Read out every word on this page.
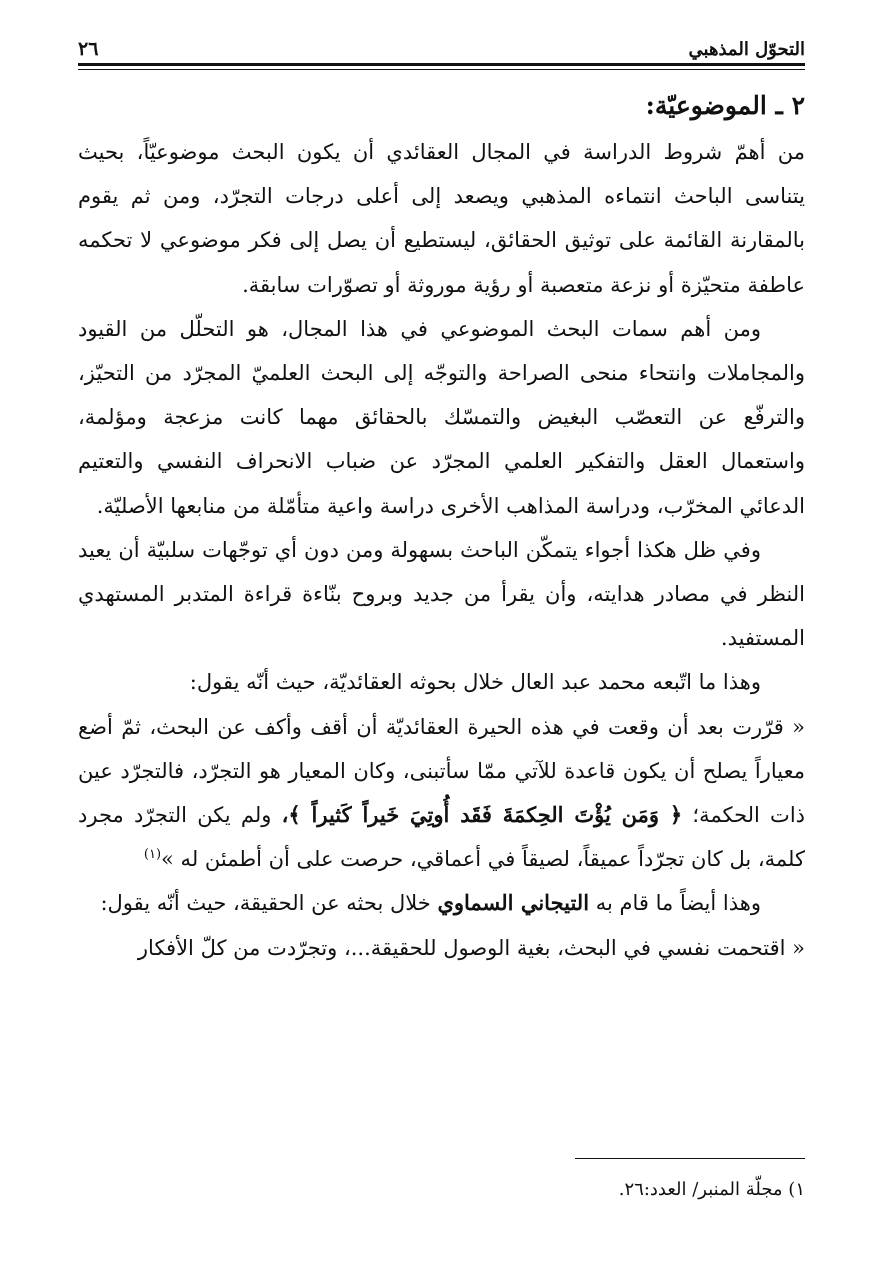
التحوّل المذهبي
٢٦
٢ ـ الموضوعيّة:

من أهمّ شروط الدراسة في المجال العقائدي أن يكون البحث موضوعيّاً، بحيث يتناسى الباحث انتماءه المذهبي ويصعد إلى أعلى درجات التجرّد، ومن ثم يقوم بالمقارنة القائمة على توثيق الحقائق، ليستطيع أن يصل إلى فكر موضوعي لا تحكمه عاطفة متحيّزة أو نزعة متعصبة أو رؤية موروثة أو تصوّرات سابقة.

ومن أهم سمات البحث الموضوعي في هذا المجال، هو التحلّل من القيود والمجاملات وانتحاء منحى الصراحة والتوجّه إلى البحث العلميّ المجرّد من التحيّز، والترفّع عن التعصّب البغيض والتمسّك بالحقائق مهما كانت مزعجة ومؤلمة، واستعمال العقل والتفكير العلمي المجرّد عن ضباب الانحراف النفسي والتعتيم الدعائي المخرّب، ودراسة المذاهب الأخرى دراسة واعية متأمّلة من منابعها الأصليّة.

وفي ظل هكذا أجواء يتمكّن الباحث بسهولة ومن دون أي توجّهات سلبيّة أن يعيد النظر في مصادر هدايته، وأن يقرأ من جديد وبروح بنّاءة قراءة المتدبر المستهدي المستفيد.

وهذا ما اتّبعه محمد عبد العال خلال بحوثه العقائديّة، حيث أنّه يقول:

« قرّرت بعد أن وقعت في هذه الحيرة العقائديّة أن أقف وأكف عن البحث، ثمّ أضع معياراً يصلح أن يكون قاعدة للآتي ممّا سأتبنى، وكان المعيار هو التجرّد، فالتجرّد عين ذات الحكمة؛ ﴿ وَمَن يُؤْتَ الحِكمَةَ فَقَد أُوتِيَ خَيراً كَثيراً ﴾، ولم يكن التجرّد مجرد كلمة، بل كان تجرّداً عميقاً، لصيقاً في أعماقي، حرصت على أن أطمئن له »$^{(١)}$

وهذا أيضاً ما قام به التيجاني السماوي خلال بحثه عن الحقيقة، حيث أنّه يقول:

« اقتحمت نفسي في البحث، بغية الوصول للحقيقة...، وتجرّدت من كلّ الأفكار

١) مجلّة المنبر/ العدد:٢٦.
